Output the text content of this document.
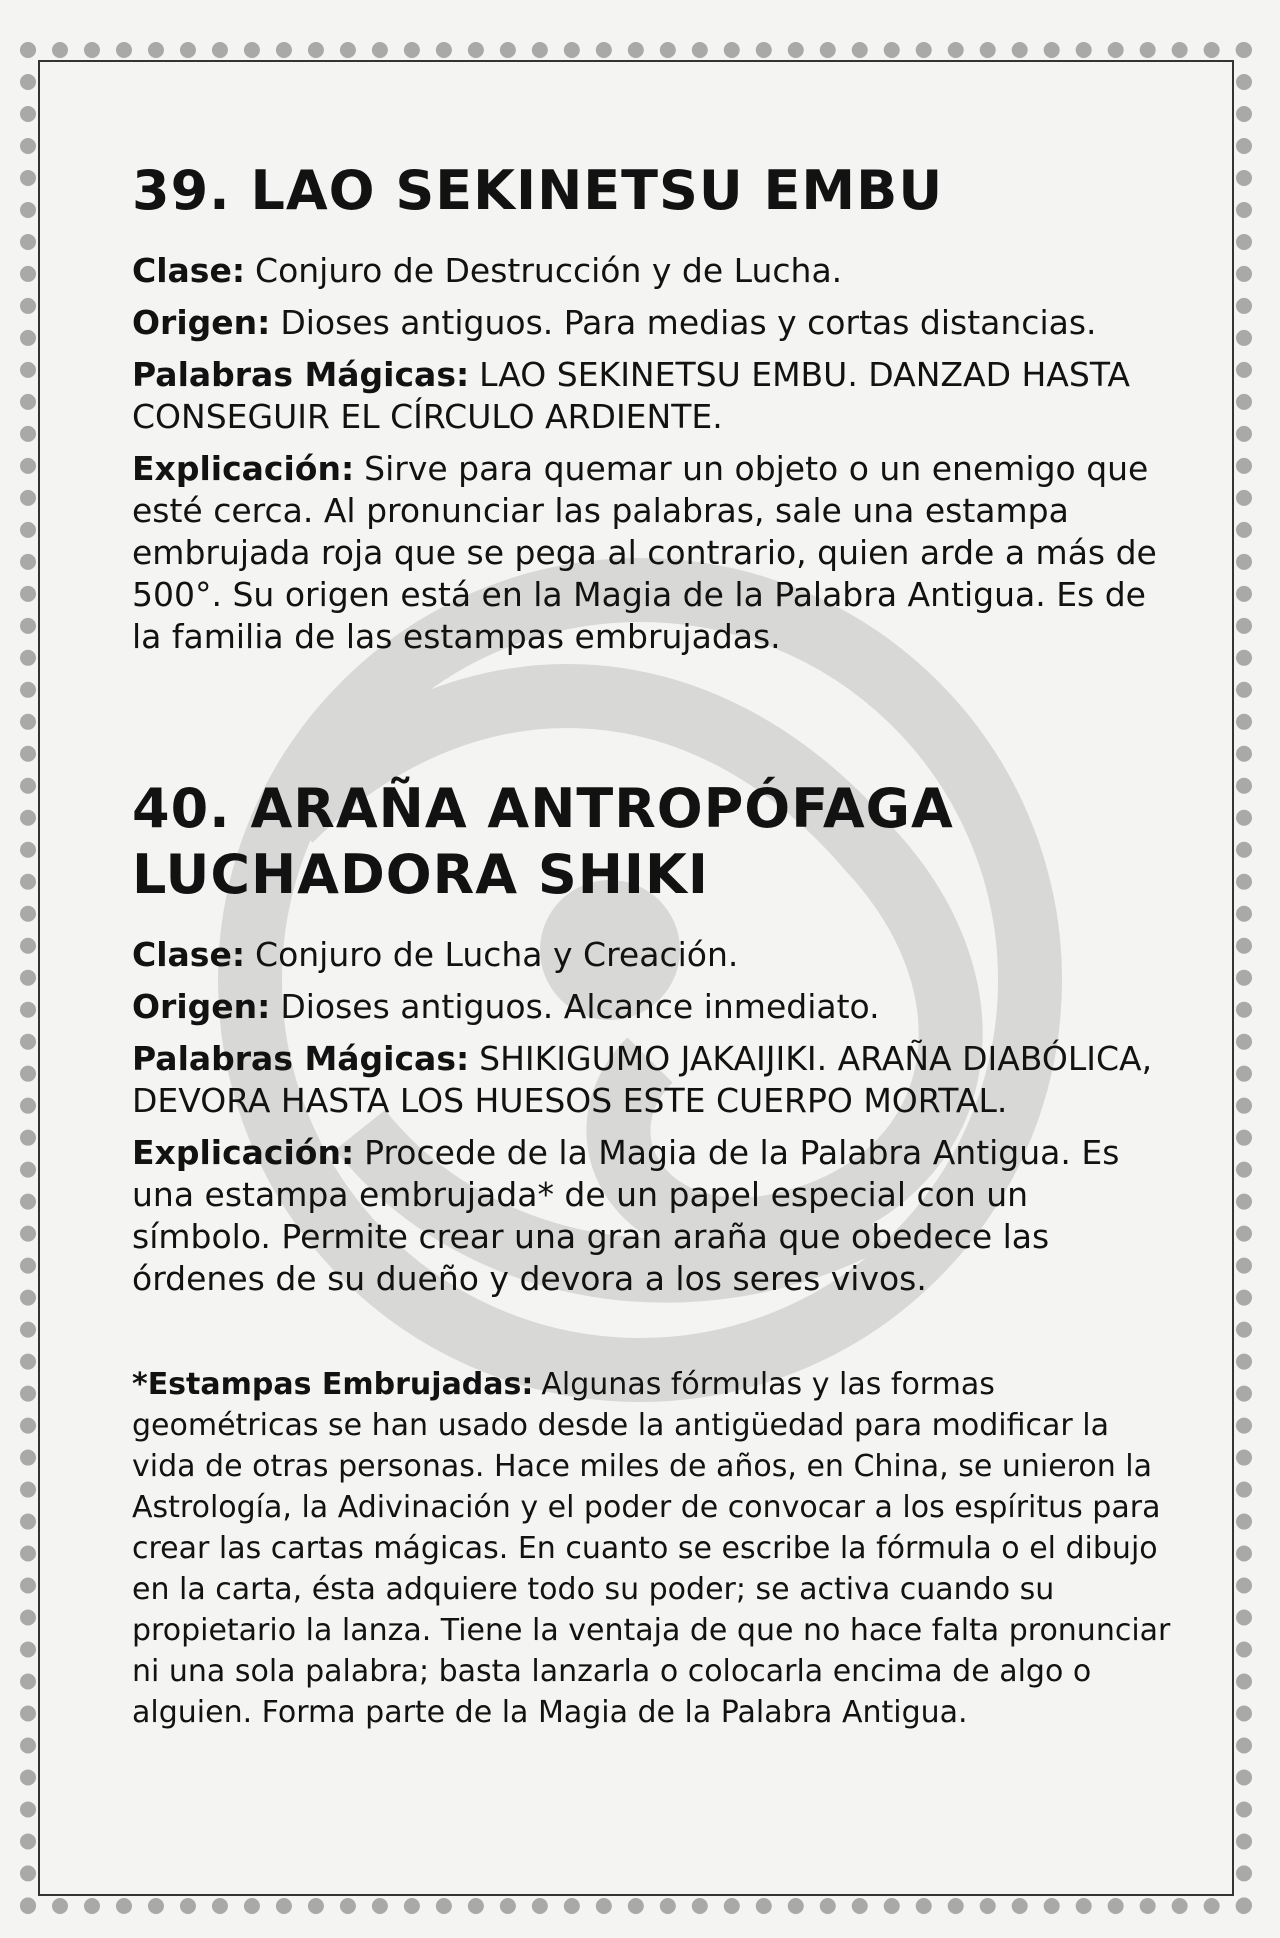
39. LAO SEKINETSU EMBU

Clase: Conjuro de Destrucción y de Lucha.

Origen: Dioses antiguos. Para medias y cortas distancias.

Palabras Mágicas: LAO SEKINETSU EMBU. DANZAD HASTA CONSEGUIR EL CÍRCULO ARDIENTE.

Explicación: Sirve para quemar un objeto o un enemigo que esté cerca. Al pronunciar las palabras, sale una estampa embrujada roja que se pega al contrario, quien arde a más de 500°. Su origen está en la Magia de la Palabra Antigua. Es de la familia de las estampas embrujadas.

40. ARAÑA ANTROPÓFAGA LUCHADORA SHIKI

Clase: Conjuro de Lucha y Creación.

Origen: Dioses antiguos. Alcance inmediato.

Palabras Mágicas: SHIKIGUMO JAKAIJIKI. ARAÑA DIABÓLICA, DEVORA HASTA LOS HUESOS ESTE CUERPO MORTAL.

Explicación: Procede de la Magia de la Palabra Antigua. Es una estampa embrujada* de un papel especial con un símbolo. Permite crear una gran araña que obedece las órdenes de su dueño y devora a los seres vivos.

*Estampas Embrujadas: Algunas fórmulas y las formas geométricas se han usado desde la antigüedad para modificar la vida de otras personas. Hace miles de años, en China, se unieron la Astrología, la Adivinación y el poder de convocar a los espíritus para crear las cartas mágicas. En cuanto se escribe la fórmula o el dibujo en la carta, ésta adquiere todo su poder; se activa cuando su propietario la lanza. Tiene la ventaja de que no hace falta pronunciar ni una sola palabra; basta lanzarla o colocarla encima de algo o alguien. Forma parte de la Magia de la Palabra Antigua.
